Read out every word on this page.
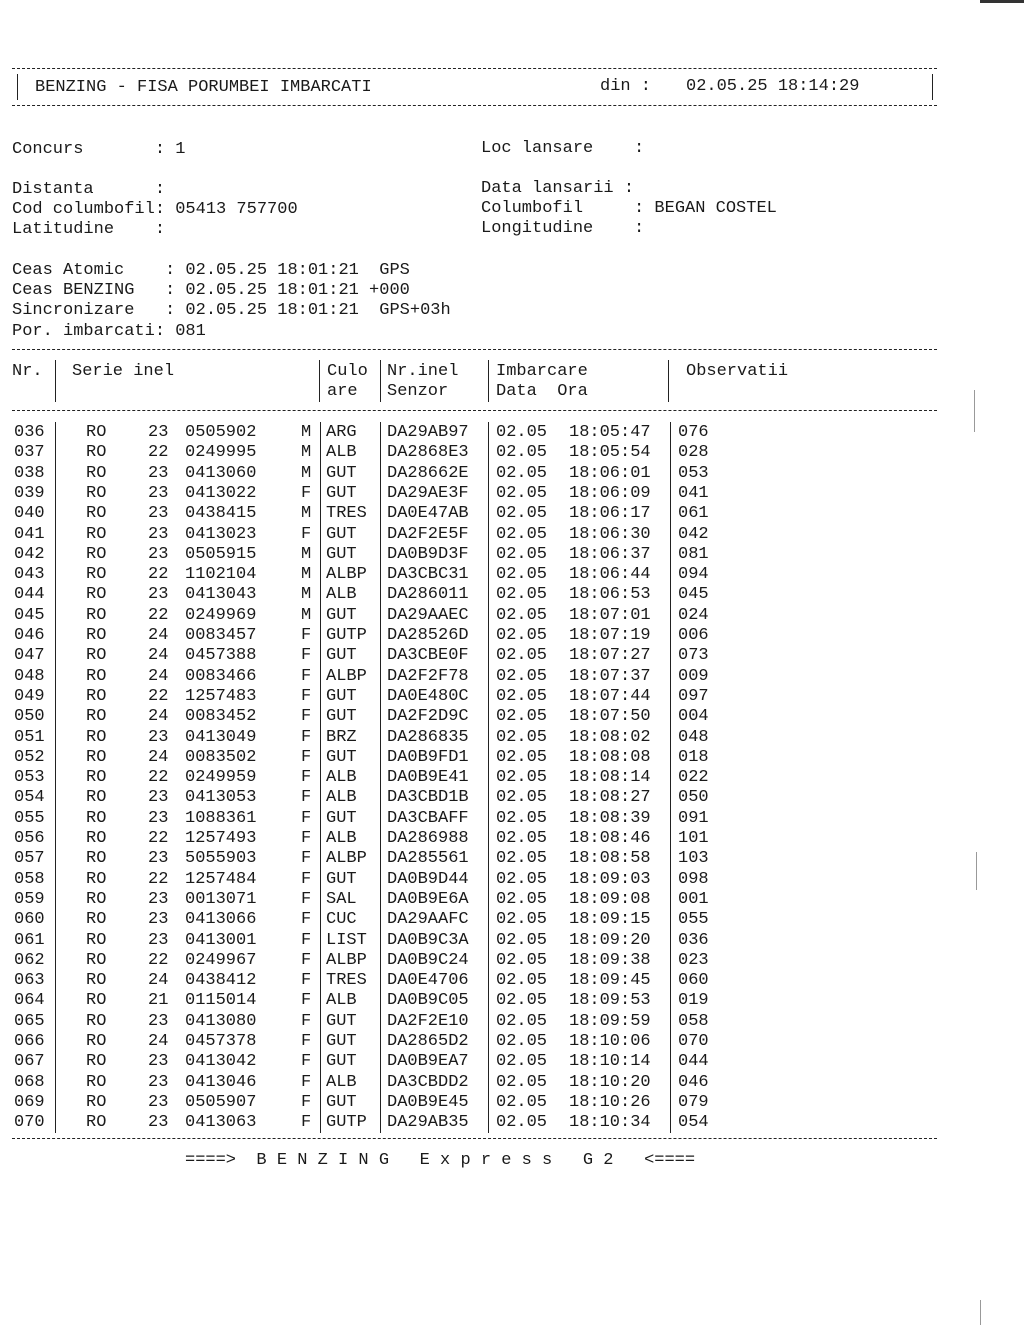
BENZING - FISA PORUMBEI IMBARCATI	din : 02.05.25 18:14:29
Concurs       : 1	Loc lansare    :
Distanta      :
Cod columbofil: 05413 757700
Latitudine    :
Data lansarii :
Columbofil     : BEGAN COSTEL
Longitudine    :
Ceas Atomic    : 02.05.25 18:01:21  GPS
Ceas BENZING   : 02.05.25 18:01:21 +000
Sincronizare   : 02.05.25 18:01:21  GPS+03h
Por. imbarcati: 081
Nr. Serie inel	Culo
are
Nr.inel
Senzor
Imbarcare
Data  Ora
Observatii
036 RO 23 0505902	M ARG DA29AB97 02.05 18:05:47 076
037 RO 22 0249995	M ALB DA2868E3 02.05 18:05:54 028
038 RO 23 0413060	M GUT DA28662E 02.05 18:06:01 053
039 RO 23 0413022	F GUT DA29AE3F 02.05 18:06:09 041
040 RO 23 0438415	M TRES DA0E47AB 02.05 18:06:17 061
041 RO 23 0413023	F GUT DA2F2E5F 02.05 18:06:30 042
042 RO 23 0505915	M GUT DA0B9D3F 02.05 18:06:37 081
043 RO 22 1102104	M ALBP DA3CBC31 02.05 18:06:44 094
044 RO 23 0413043	M ALB DA286011 02.05 18:06:53 045
045 RO 22 0249969	M GUT DA29AAEC 02.05 18:07:01 024
046 RO 24 0083457	F GUTP DA28526D 02.05 18:07:19 006
047 RO 24 0457388	F GUT DA3CBE0F 02.05 18:07:27 073
048 RO 24 0083466	F ALBP DA2F2F78 02.05 18:07:37 009
049 RO 22 1257483	F GUT DA0E480C 02.05 18:07:44 097
050 RO 24 0083452	F GUT DA2F2D9C 02.05 18:07:50 004
051 RO 23 0413049	F BRZ DA286835 02.05 18:08:02 048
052 RO 24 0083502	F GUT DA0B9FD1 02.05 18:08:08 018
053 RO 22 0249959	F ALB DA0B9E41 02.05 18:08:14 022
054 RO 23 0413053	F ALB DA3CBD1B 02.05 18:08:27 050
055 RO 23 1088361	F GUT DA3CBAFF 02.05 18:08:39 091
056 RO 22 1257493	F ALB DA286988 02.05 18:08:46 101
057 RO 23 5055903	F ALBP DA285561 02.05 18:08:58 103
058 RO 22 1257484	F GUT DA0B9D44 02.05 18:09:03 098
059 RO 23 0013071	F SAL DA0B9E6A 02.05 18:09:08 001
060 RO 23 0413066	F CUC DA29AAFC 02.05 18:09:15 055
061 RO 23 0413001	F LIST DA0B9C3A 02.05 18:09:20 036
062 RO 22 0249967	F ALBP DA0B9C24 02.05 18:09:38 023
063 RO 24 0438412	F TRES DA0E4706 02.05 18:09:45 060
064 RO 21 0115014	F ALB DA0B9C05 02.05 18:09:53 019
065 RO 23 0413080	F GUT DA2F2E10 02.05 18:09:59 058
066 RO 24 0457378	F GUT DA2865D2 02.05 18:10:06 070
067 RO 23 0413042	F GUT DA0B9EA7 02.05 18:10:14 044
068 RO 23 0413046	F ALB DA3CBDD2 02.05 18:10:20 046
069 RO 23 0505907	F GUT DA0B9E45 02.05 18:10:26 079
070 RO 23 0413063	F GUTP DA29AB35 02.05 18:10:34 054
====>  B E N Z I N G   E x p r e s s   G 2   <====
